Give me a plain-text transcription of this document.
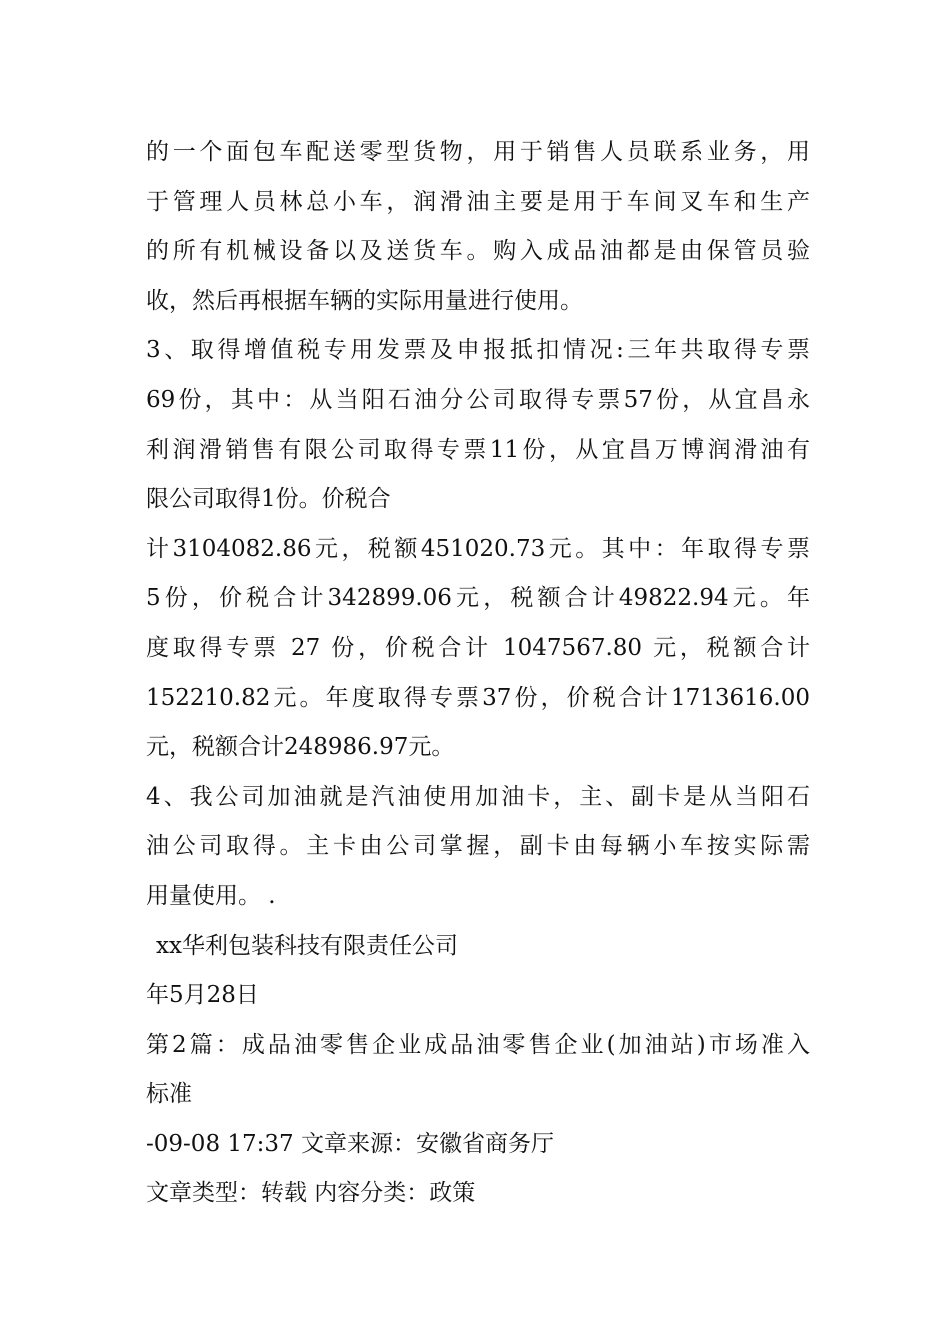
的一个面包车配送零型货物，用于销售人员联系业务，用
于管理人员林总小车，润滑油主要是用于车间叉车和生产
的所有机械设备以及送货车。购入成品油都是由保管员验
收，然后再根据车辆的实际用量进行使用。
3、取得增值税专用发票及申报抵扣情况:三年共取得专票
69份，其中：从当阳石油分公司取得专票57份，从宜昌永
利润滑销售有限公司取得专票11份，从宜昌万博润滑油有
限公司取得1份。价税合
计3104082.86元，税额451020.73元。其中：年取得专票
5份，价税合计342899.06元，税额合计49822.94元。年
度取得专票 27 份，价税合计 1047567.80 元，税额合计
152210.82元。年度取得专票37份，价税合计1713616.00
元，税额合计248986.97元。
4、我公司加油就是汽油使用加油卡，主、副卡是从当阳石
油公司取得。主卡由公司掌握，副卡由每辆小车按实际需
用量使用。 .
xx华利包装科技有限责任公司
年5月28日
第2篇：成品油零售企业成品油零售企业(加油站)市场准入
标准
-09-08 17:37 文章来源：安徽省商务厅
文章类型：转载 内容分类：政策
